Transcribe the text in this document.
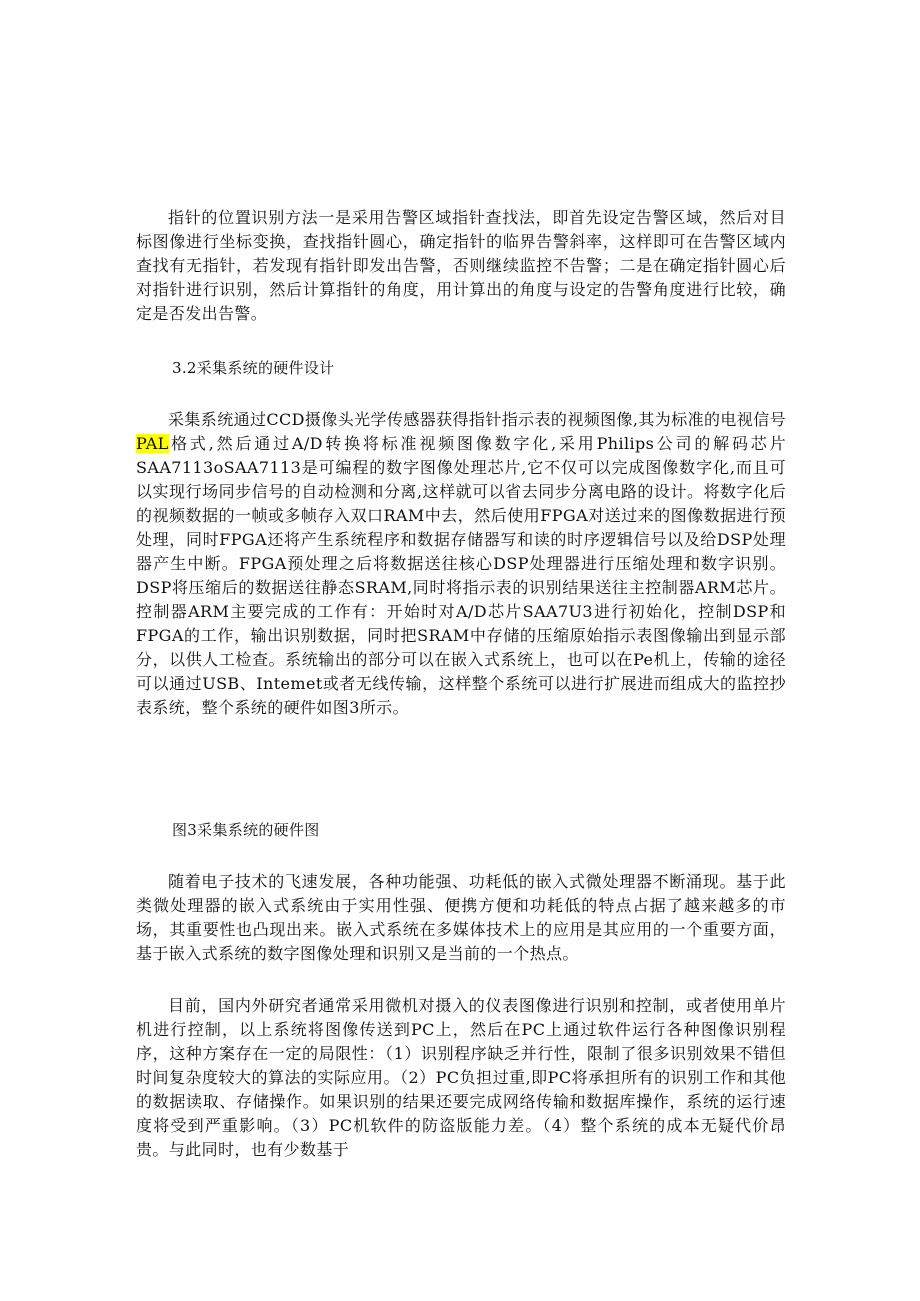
指针的位置识别方法一是采用告警区域指针查找法，即首先设定告警区域，然后对目标图像进行坐标变换，查找指针圆心，确定指针的临界告警斜率，这样即可在告警区域内查找有无指针，若发现有指针即发出告警，否则继续监控不告警；二是在确定指针圆心后对指针进行识别，然后计算指针的角度，用计算出的角度与设定的告警角度进行比较，确定是否发出告警。

3.2采集系统的硬件设计

采集系统通过CCD摄像头光学传感器获得指针指示表的视频图像,其为标准的电视信号PAL格式,然后通过A/D转换将标准视频图像数字化,采用Philips公司的解码芯片SAA7113oSAA7113是可编程的数字图像处理芯片,它不仅可以完成图像数字化,而且可以实现行场同步信号的自动检测和分离,这样就可以省去同步分离电路的设计。将数字化后的视频数据的一帧或多帧存入双口RAM中去，然后使用FPGA对送过来的图像数据进行预处理，同时FPGA还将产生系统程序和数据存储器写和读的时序逻辑信号以及给DSP处理器产生中断。FPGA预处理之后将数据送往核心DSP处理器进行压缩处理和数字识别。DSP将压缩后的数据送往静态SRAM,同时将指示表的识别结果送往主控制器ARM芯片。控制器ARM主要完成的工作有：开始时对A/D芯片SAA7U3进行初始化，控制DSP和FPGA的工作，输出识别数据，同时把SRAM中存储的压缩原始指示表图像输出到显示部分，以供人工检查。系统输出的部分可以在嵌入式系统上，也可以在Pe机上，传输的途径可以通过USB、Intemet或者无线传输，这样整个系统可以进行扩展进而组成大的监控抄表系统，整个系统的硬件如图3所示。

图3采集系统的硬件图

随着电子技术的飞速发展，各种功能强、功耗低的嵌入式微处理器不断涌现。基于此类微处理器的嵌入式系统由于实用性强、便携方便和功耗低的特点占据了越来越多的市场，其重要性也凸现出来。嵌入式系统在多媒体技术上的应用是其应用的一个重要方面，基于嵌入式系统的数字图像处理和识别又是当前的一个热点。

目前，国内外研究者通常采用微机对摄入的仪表图像进行识别和控制，或者使用单片机进行控制，以上系统将图像传送到PC上，然后在PC上通过软件运行各种图像识别程序，这种方案存在一定的局限性：（1）识别程序缺乏并行性，限制了很多识别效果不错但时间复杂度较大的算法的实际应用。（2）PC负担过重,即PC将承担所有的识别工作和其他的数据读取、存储操作。如果识别的结果还要完成网络传输和数据库操作，系统的运行速度将受到严重影响。（3）PC机软件的防盗版能力差。（4）整个系统的成本无疑代价昂贵。与此同时，也有少数基于
